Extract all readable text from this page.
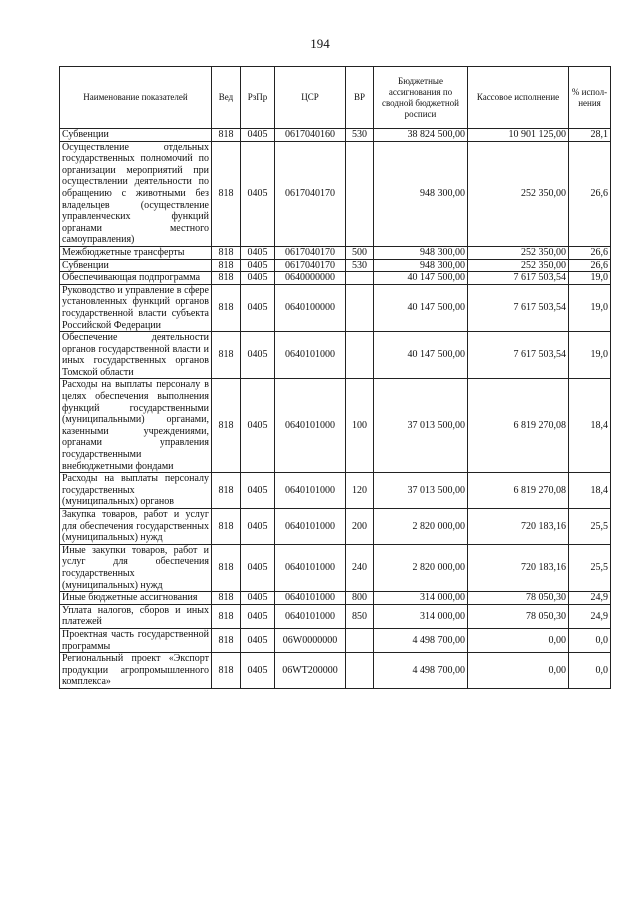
194
Наименование показателей	Вед	РзПр	ЦСР	ВР	Бюджетные ассигнования по сводной бюджетной росписи	Кассовое исполнение	% испол-нения
Субвенции	818	0405	0617040160	530	38 824 500,00	10 901 125,00	28,1
Осуществление отдельных государственных полномочий по организации мероприятий при осуществлении деятельности по обращению с животными без владельцев (осуществление управленческих функций органами местного самоуправления)	818	0405	0617040170		948 300,00	252 350,00	26,6
Межбюджетные трансферты	818	0405	0617040170	500	948 300,00	252 350,00	26,6
Субвенции	818	0405	0617040170	530	948 300,00	252 350,00	26,6
Обеспечивающая подпрограмма	818	0405	0640000000		40 147 500,00	7 617 503,54	19,0
Руководство и управление в сфере установленных функций органов государственной власти субъекта Российской Федерации	818	0405	0640100000		40 147 500,00	7 617 503,54	19,0
Обеспечение деятельности органов государственной власти и иных государственных органов Томской области	818	0405	0640101000		40 147 500,00	7 617 503,54	19,0
Расходы на выплаты персоналу в целях обеспечения выполнения функций государственными (муниципальными) органами, казенными учреждениями, органами управления государственными внебюджетными фондами	818	0405	0640101000	100	37 013 500,00	6 819 270,08	18,4
Расходы на выплаты персоналу государственных (муниципальных) органов	818	0405	0640101000	120	37 013 500,00	6 819 270,08	18,4
Закупка товаров, работ и услуг для обеспечения государственных (муниципальных) нужд	818	0405	0640101000	200	2 820 000,00	720 183,16	25,5
Иные закупки товаров, работ и услуг для обеспечения государственных (муниципальных) нужд	818	0405	0640101000	240	2 820 000,00	720 183,16	25,5
Иные бюджетные ассигнования	818	0405	0640101000	800	314 000,00	78 050,30	24,9
Уплата налогов, сборов и иных платежей	818	0405	0640101000	850	314 000,00	78 050,30	24,9
Проектная часть государственной программы	818	0405	06W0000000		4 498 700,00	0,00	0,0
Региональный проект «Экспорт продукции агропромышленного комплекса»	818	0405	06WT200000		4 498 700,00	0,00	0,0
